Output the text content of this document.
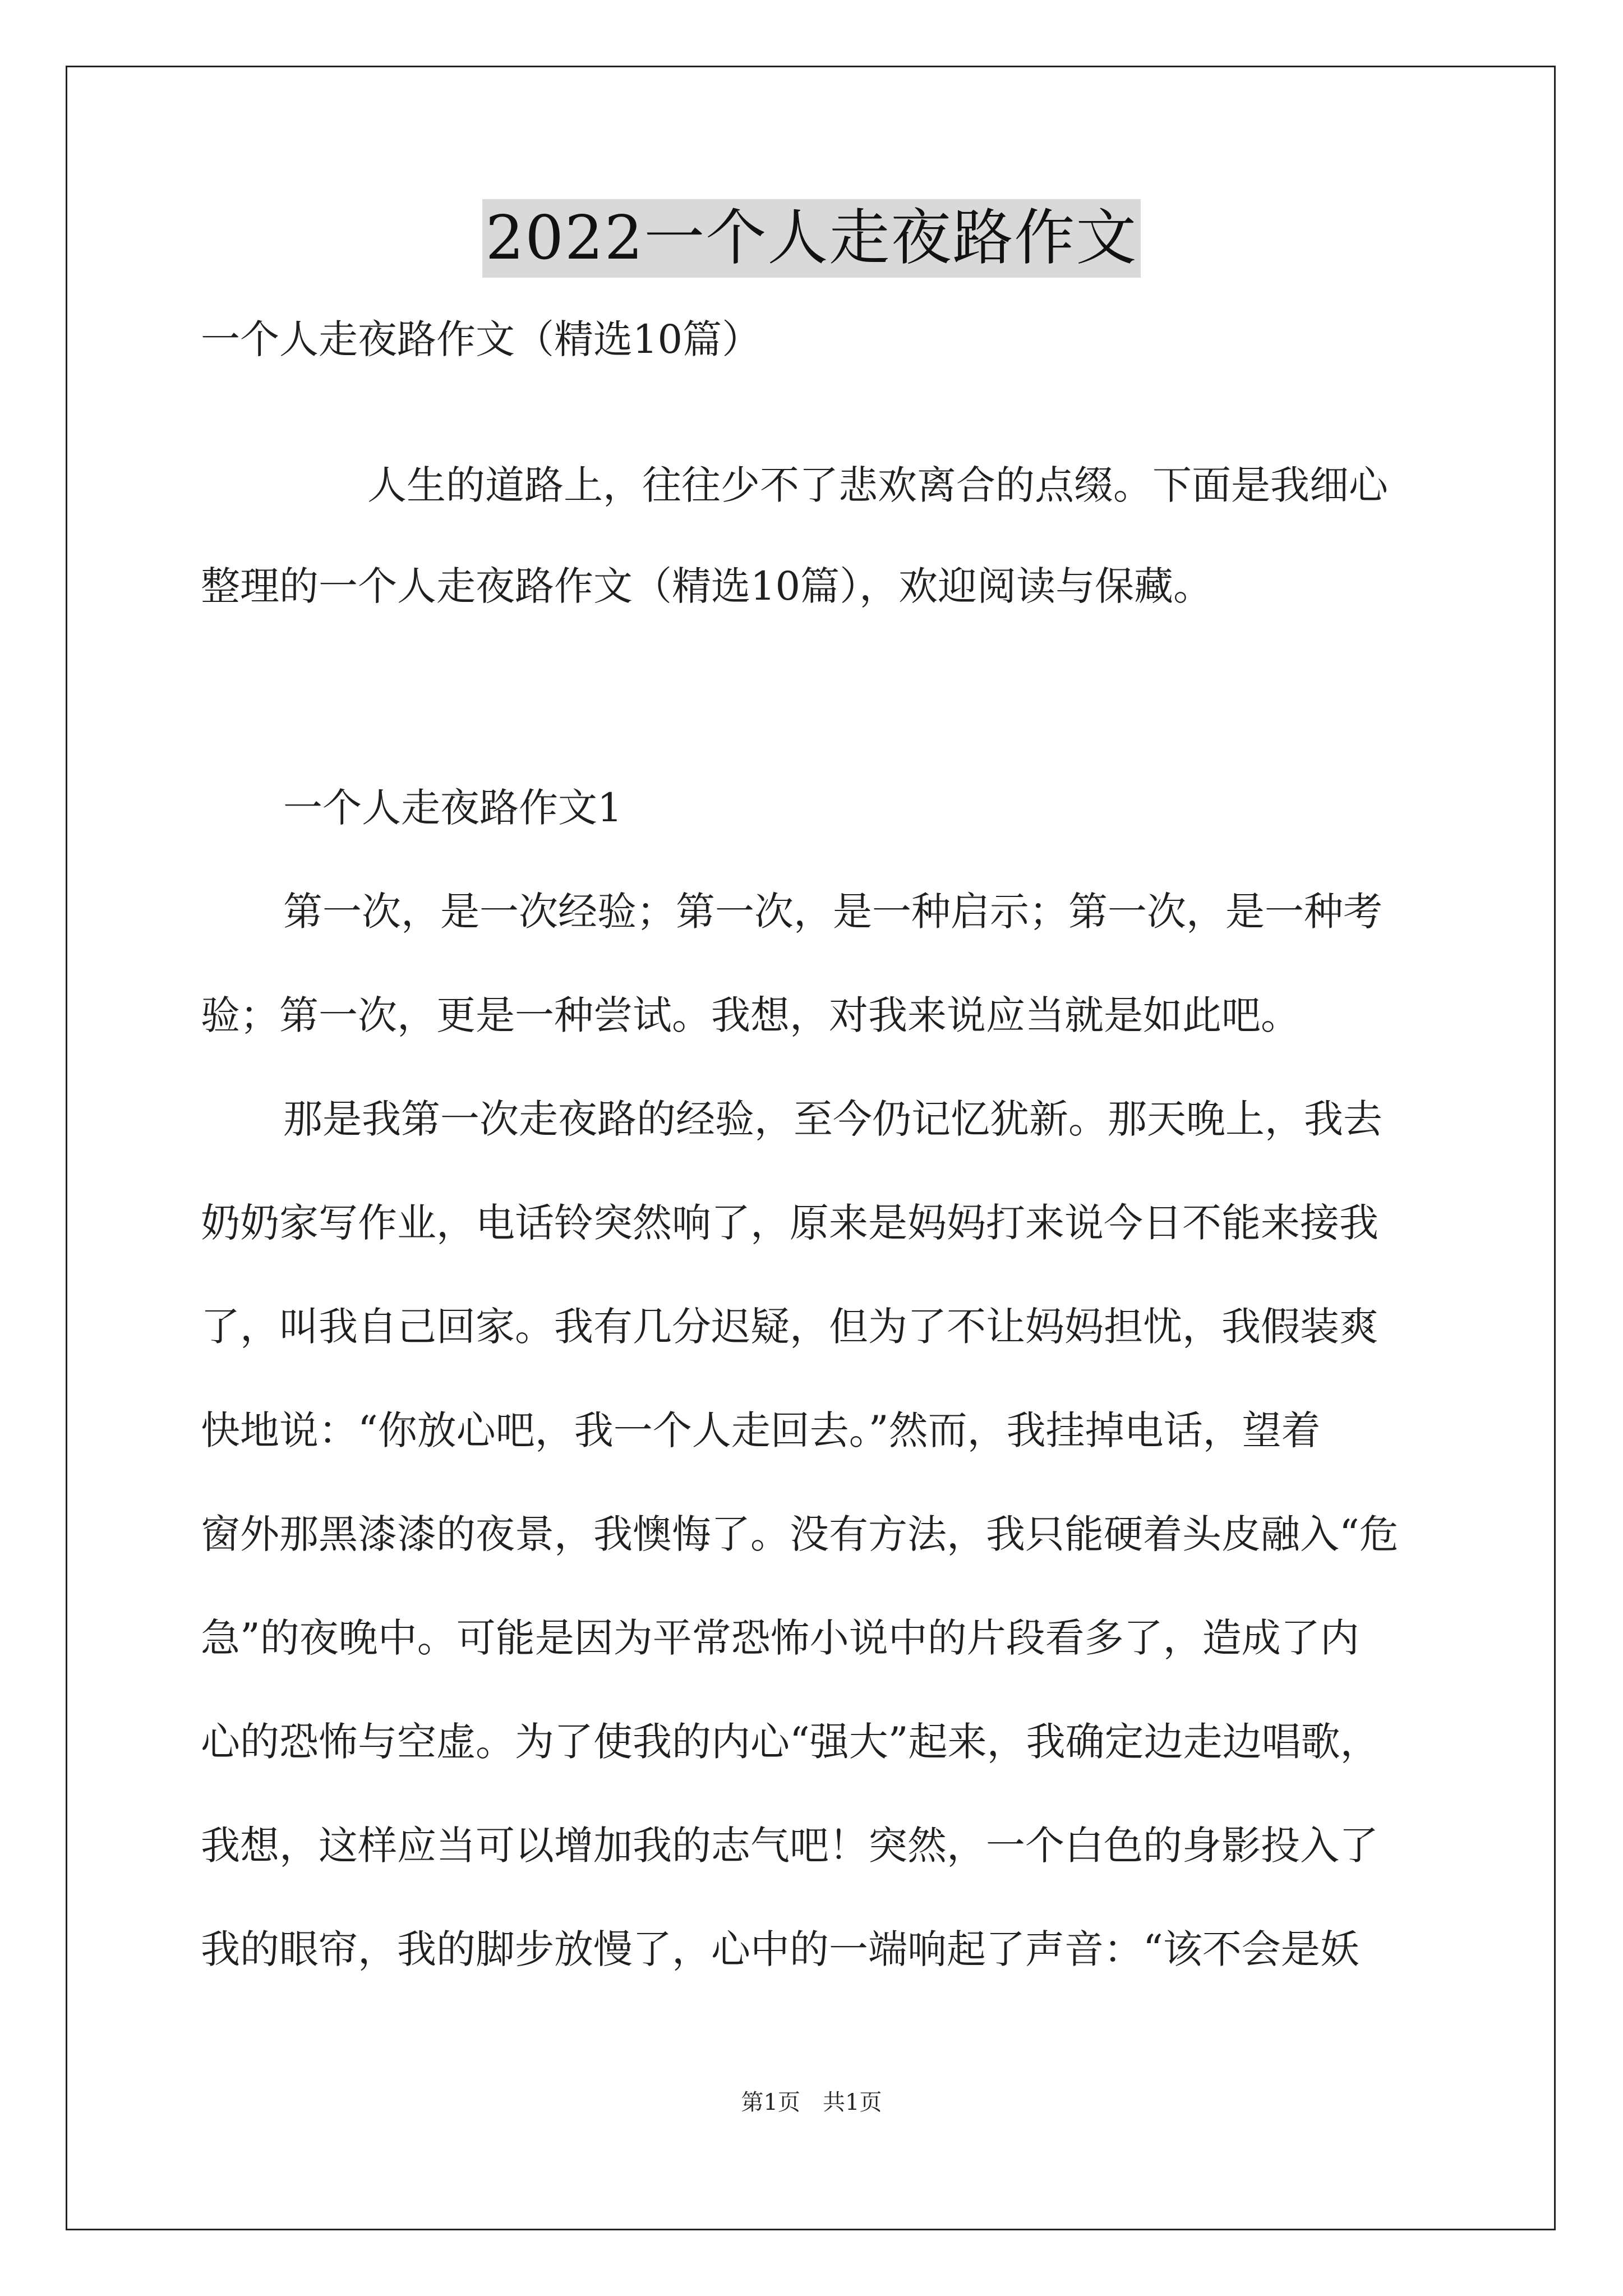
2022一个人走夜路作文
一个人走夜路作文（精选10篇）
人生的道路上，往往少不了悲欢离合的点缀。下面是我细心
整理的一个人走夜路作文（精选10篇），欢迎阅读与保藏。
一个人走夜路作文1
第一次，是一次经验；第一次，是一种启示；第一次，是一种考
验；第一次，更是一种尝试。我想，对我来说应当就是如此吧。
那是我第一次走夜路的经验，至今仍记忆犹新。那天晚上，我去
奶奶家写作业，电话铃突然响了，原来是妈妈打来说今日不能来接我
了，叫我自己回家。我有几分迟疑，但为了不让妈妈担忧，我假装爽
快地说：“你放心吧，我一个人走回去。”然而，我挂掉电话，望着
窗外那黑漆漆的夜景，我懊悔了。没有方法，我只能硬着头皮融入“危
急”的夜晚中。可能是因为平常恐怖小说中的片段看多了，造成了内
心的恐怖与空虚。为了使我的内心“强大”起来，我确定边走边唱歌，
我想，这样应当可以增加我的志气吧！突然，一个白色的身影投入了
我的眼帘，我的脚步放慢了，心中的一端响起了声音：“该不会是妖
第1页　共1页
